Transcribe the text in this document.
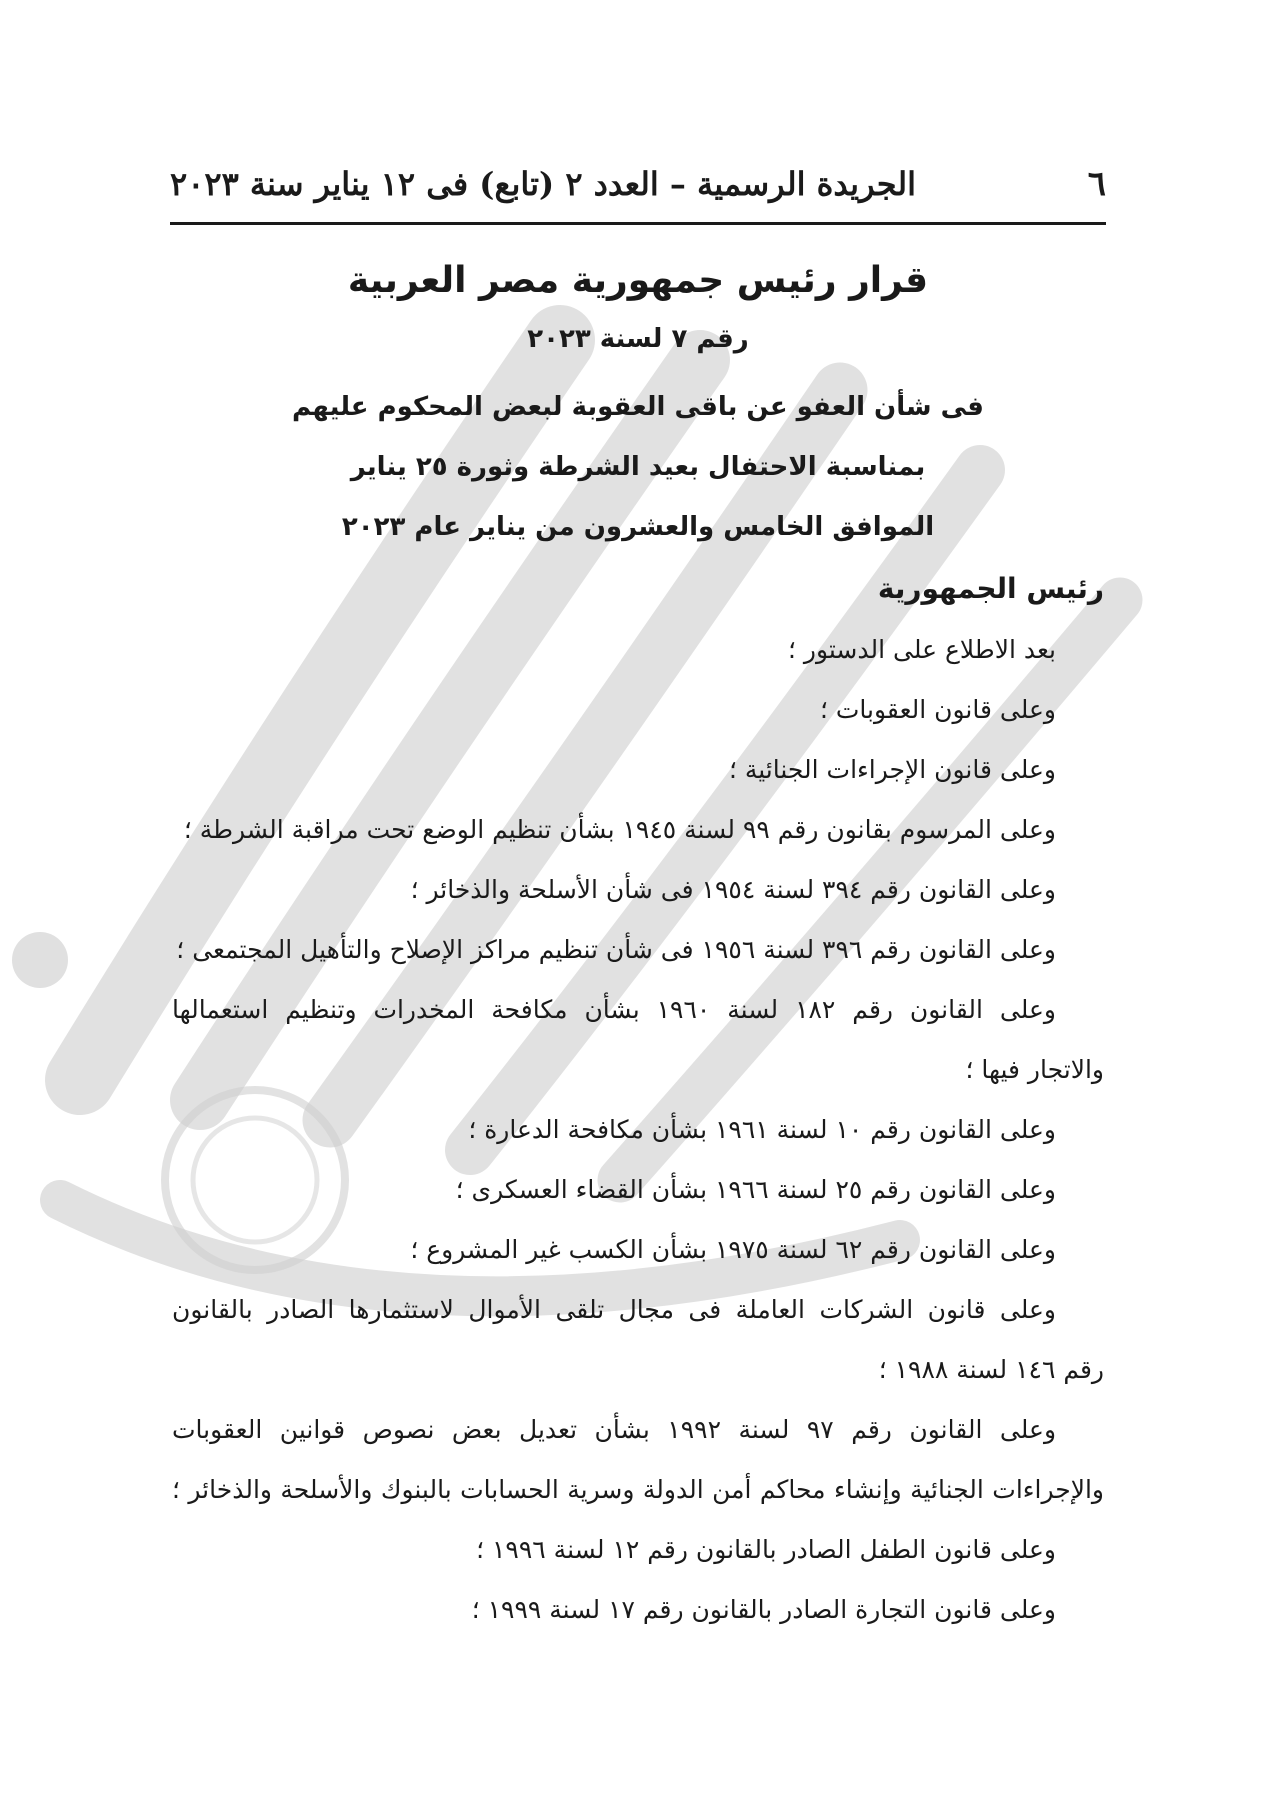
٦
الجريدة الرسمية – العدد ٢ (تابع) فى ١٢ يناير سنة ٢٠٢٣
قرار رئيس جمهورية مصر العربية
رقم ٧ لسنة ٢٠٢٣
فى شأن العفو عن باقى العقوبة لبعض المحكوم عليهم
بمناسبة الاحتفال بعيد الشرطة وثورة ٢٥ يناير
الموافق الخامس والعشرون من يناير عام ٢٠٢٣
رئيس الجمهورية
بعد الاطلاع على الدستور ؛
وعلى قانون العقوبات ؛
وعلى قانون الإجراءات الجنائية ؛
وعلى المرسوم بقانون رقم ٩٩ لسنة ١٩٤٥ بشأن تنظيم الوضع تحت مراقبة الشرطة ؛
وعلى القانون رقم ٣٩٤ لسنة ١٩٥٤ فى شأن الأسلحة والذخائر ؛
وعلى القانون رقم ٣٩٦ لسنة ١٩٥٦ فى شأن تنظيم مراكز الإصلاح والتأهيل المجتمعى ؛
وعلى القانون رقم ١٨٢ لسنة ١٩٦٠ بشأن مكافحة المخدرات وتنظيم استعمالها
والاتجار فيها ؛
وعلى القانون رقم ١٠ لسنة ١٩٦١ بشأن مكافحة الدعارة ؛
وعلى القانون رقم ٢٥ لسنة ١٩٦٦ بشأن القضاء العسكرى ؛
وعلى القانون رقم ٦٢ لسنة ١٩٧٥ بشأن الكسب غير المشروع ؛
وعلى قانون الشركات العاملة فى مجال تلقى الأموال لاستثمارها الصادر بالقانون
رقم ١٤٦ لسنة ١٩٨٨ ؛
وعلى القانون رقم ٩٧ لسنة ١٩٩٢ بشأن تعديل بعض نصوص قوانين العقوبات
والإجراءات الجنائية وإنشاء محاكم أمن الدولة وسرية الحسابات بالبنوك والأسلحة والذخائر ؛
وعلى قانون الطفل الصادر بالقانون رقم ١٢ لسنة ١٩٩٦ ؛
وعلى قانون التجارة الصادر بالقانون رقم ١٧ لسنة ١٩٩٩ ؛
